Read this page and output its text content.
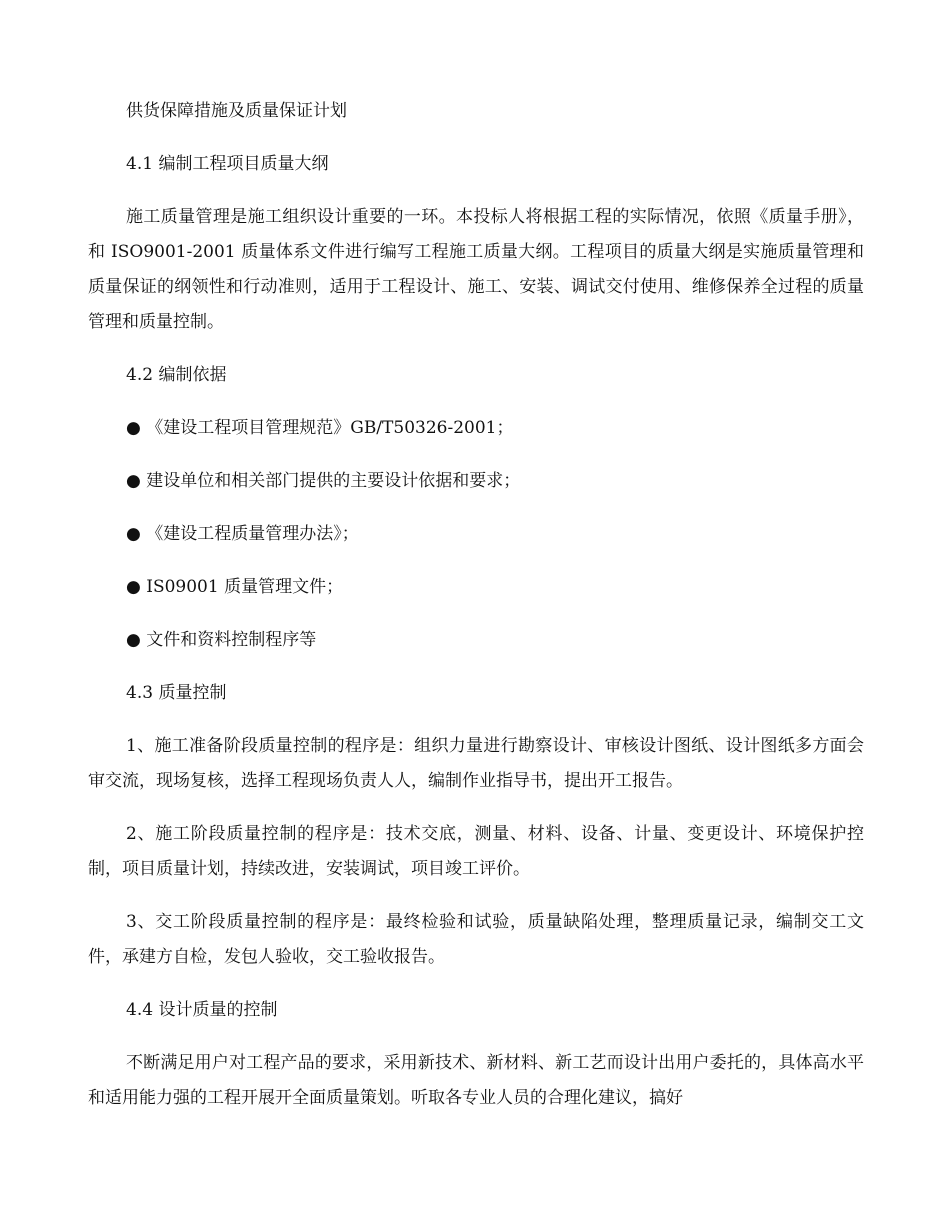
供货保障措施及质量保证计划

4.1 编制工程项目质量大纲

施工质量管理是施工组织设计重要的一环。本投标人将根据工程的实际情况，依照《质量手册》，和 ISO9001-2001 质量体系文件进行编写工程施工质量大纲。工程项目的质量大纲是实施质量管理和质量保证的纲领性和行动准则，适用于工程设计、施工、安装、调试交付使用、维修保养全过程的质量管理和质量控制。

4.2 编制依据

● 《建设工程项目管理规范》GB/T50326-2001；

● 建设单位和相关部门提供的主要设计依据和要求；

● 《建设工程质量管理办法》；

● IS09001 质量管理文件；

● 文件和资料控制程序等

4.3 质量控制

1、施工准备阶段质量控制的程序是：组织力量进行勘察设计、审核设计图纸、设计图纸多方面会审交流，现场复核，选择工程现场负责人人，编制作业指导书，提出开工报告。

2、施工阶段质量控制的程序是：技术交底，测量、材料、设备、计量、变更设计、环境保护控制，项目质量计划，持续改进，安装调试，项目竣工评价。

3、交工阶段质量控制的程序是：最终检验和试验，质量缺陷处理，整理质量记录，编制交工文件，承建方自检，发包人验收，交工验收报告。

4.4 设计质量的控制

不断满足用户对工程产品的要求，采用新技术、新材料、新工艺而设计出用户委托的，具体高水平和适用能力强的工程开展开全面质量策划。听取各专业人员的合理化建议，搞好
